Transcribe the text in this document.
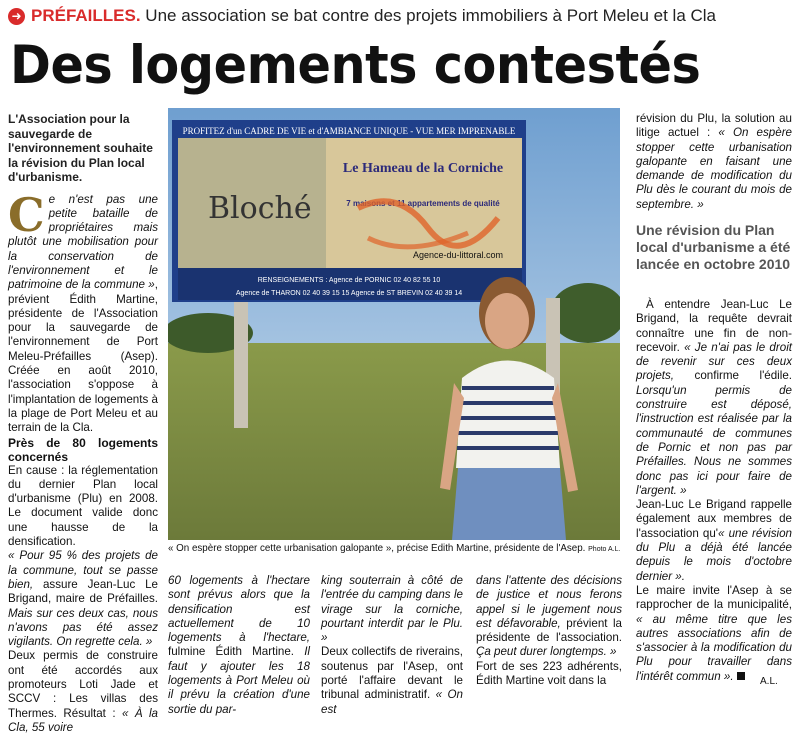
➜ PRÉFAILLES. Une association se bat contre des projets immobiliers à Port Meleu et la Cla
Des logements contestés

L'Association pour la sauvegarde de l'environnement souhaite la révision du Plan local d'urbanisme.

Ce n'est pas une petite bataille de propriétaires mais plutôt une mobilisation pour la conservation de l'environnement et le patrimoine de la commune », prévient Édith Martine, présidente de l'Association pour la sauvegarde de l'environnement de Port Meleu-Préfailles (Asep). Créée en août 2010, l'association s'oppose à l'implantation de logements à la plage de Port Meleu et au terrain de la Cla.

Près de 80 logements concernés

En cause : la réglementation du dernier Plan local d'urbanisme (Plu) en 2008. Le document valide donc une hausse de la densification.
« Pour 95 % des projets de la commune, tout se passe bien, assure Jean-Luc Le Brigand, maire de Préfailles. Mais sur ces deux cas, nous n'avons pas été assez vigilants. On regrette cela. »

Deux permis de construire ont été accordés aux promoteurs Loti Jade et SCCV : Les villas des Thermes. Résultat : « À la Cla, 55 voire

PROFITEZ d'un CADRE DE VIE et d'AMBIANCE UNIQUE - VUE MER IMPRENABLE
Le Hameau de la Corniche
7 maisons et 11 appartements de qualité
Bloché
Agence-du-littoral.com
RENSEIGNEMENTS : Agence de PORNIC 02 40 82 55 10
Agence de THARON 02 40 39 15 15 Agence de ST BREVIN 02 40 39 14
« On espère stopper cette urbanisation galopante », précise Édith Martine, présidente de l'Asep. Photo A.L.

60 logements à l'hectare sont prévus alors que la densification est actuellement de 10 logements à l'hectare, fulmine Édith Martine. Il faut y ajouter les 18 logements à Port Meleu où il prévu la création d'une sortie du par-

king souterrain à côté de l'entrée du camping dans le virage sur la corniche, pourtant interdit par le Plu. »
Deux collectifs de riverains, soutenus par l'Asep, ont porté l'affaire devant le tribunal administratif. « On est

dans l'attente des décisions de justice et nous ferons appel si le jugement nous est défavorable, prévient la présidente de l'association. Ça peut durer longtemps. »
Fort de ses 223 adhérents, Édith Martine voit dans la

révision du Plu, la solution au litige actuel : « On espère stopper cette urbanisation galopante en faisant une demande de modification du Plu dès le courant du mois de septembre. »

Une révision du Plan local d'urbanisme a été lancée en octobre 2010

À entendre Jean-Luc Le Brigand, la requête devrait connaître une fin de non-recevoir. « Je n'ai pas le droit de revenir sur ces deux projets, confirme l'édile. Lorsqu'un permis de construire est déposé, l'instruction est réalisée par la communauté de communes de Pornic et non pas par Préfailles. Nous ne sommes donc pas ici pour faire de l'argent. »
Jean-Luc Le Brigand rappelle également aux membres de l'association qu'« une révision du Plu a déjà été lancée depuis le mois d'octobre dernier ».

Le maire invite l'Asep à se rapprocher de la municipalité, « au même titre que les autres associations afin de s'associer à la modification du Plu pour travailler dans l'intérêt commun ».	A.L.
